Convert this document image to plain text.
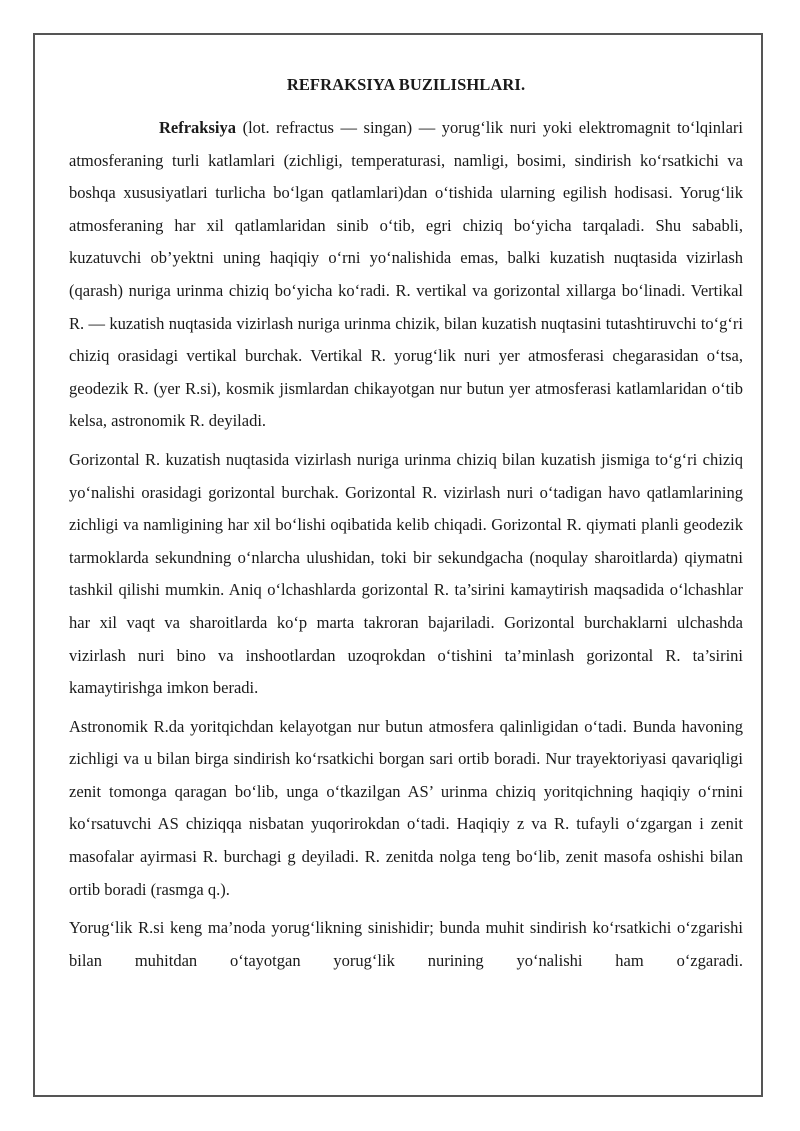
REFRAKSIYA BUZILISHLARI.

Refraksiya (lot. refractus — singan) — yorug‘lik nuri yoki elektromagnit to‘lqinlari atmosferaning turli katlamlari (zichligi, temperaturasi, namligi, bosimi, sindirish ko‘rsatkichi va boshqa xususiyatlari turlicha bo‘lgan qatlamlari)dan o‘tishida ularning egilish hodisasi. Yorug‘lik atmosferaning har xil qatlamlaridan sinib o‘tib, egri chiziq bo‘yicha tarqaladi. Shu sababli, kuzatuvchi ob’yektni uning haqiqiy o‘rni yo‘nalishida emas, balki kuzatish nuqtasida vizirlash (qarash) nuriga urinma chiziq bo‘yicha ko‘radi. R. vertikal va gorizontal xillarga bo‘linadi. Vertikal R. — kuzatish nuqtasida vizirlash nuriga urinma chizik, bilan kuzatish nuqtasini tutashtiruvchi to‘g‘ri chiziq orasidagi vertikal burchak. Vertikal R. yorug‘lik nuri yer atmosferasi chegarasidan o‘tsa, geodezik R. (yer R.si), kosmik jismlardan chikayotgan nur butun yer atmosferasi katlamlaridan o‘tib kelsa, astronomik R. deyiladi.

Gorizontal R. kuzatish nuqtasida vizirlash nuriga urinma chiziq bilan kuzatish jismiga to‘g‘ri chiziq yo‘nalishi orasidagi gorizontal burchak. Gorizontal R. vizirlash nuri o‘tadigan havo qatlamlarining zichligi va namligining har xil bo‘lishi oqibatida kelib chiqadi. Gorizontal R. qiymati planli geodezik tarmoklarda sekundning o‘nlarcha ulushidan, toki bir sekundgacha (noqulay sharoitlarda) qiymatni tashkil qilishi mumkin. Aniq o‘lchashlarda gorizontal R. ta’sirini kamaytirish maqsadida o‘lchashlar har xil vaqt va sharoitlarda ko‘p marta takroran bajariladi. Gorizontal burchaklarni ulchashda vizirlash nuri bino va inshootlardan uzoqrokdan o‘tishini ta’minlash gorizontal R. ta’sirini kamaytirishga imkon beradi.

Astronomik R.da yoritqichdan kelayotgan nur butun atmosfera qalinligidan o‘tadi. Bunda havoning zichligi va u bilan birga sindirish ko‘rsatkichi borgan sari ortib boradi. Nur trayektoriyasi qavariqligi zenit tomonga qaragan bo‘lib, unga o‘tkazilgan AS’ urinma chiziq yoritqichning haqiqiy o‘rnini ko‘rsatuvchi AS chiziqqa nisbatan yuqorirokdan o‘tadi. Haqiqiy z va R. tufayli o‘zgargan i zenit masofalar ayirmasi R. burchagi g deyiladi. R. zenitda nolga teng bo‘lib, zenit masofa oshishi bilan ortib boradi (rasmga q.).

Yorug‘lik R.si keng ma’noda yorug‘likning sinishidir; bunda muhit sindirish ko‘rsatkichi o‘zgarishi bilan muhitdan o‘tayotgan yorug‘lik nurining yo‘nalishi ham o‘zgaradi.
